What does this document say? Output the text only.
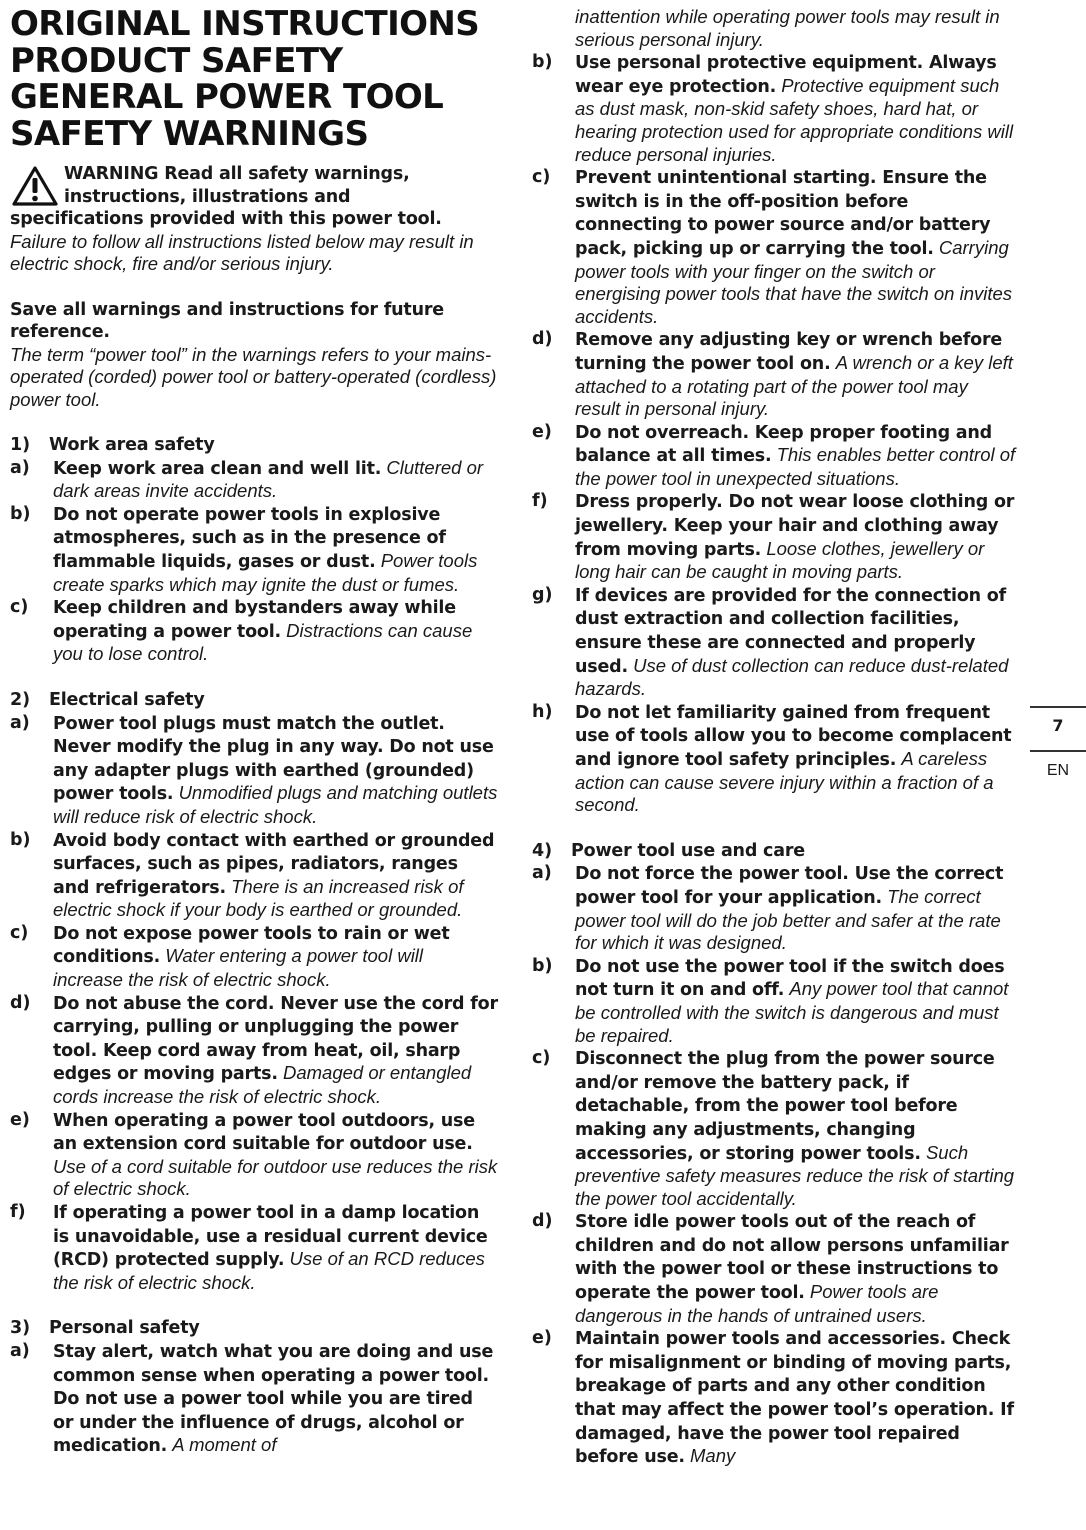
ORIGINAL INSTRUCTIONS
PRODUCT SAFETY
GENERAL POWER TOOL
SAFETY WARNINGS
WARNING Read all safety warnings,
instructions, illustrations and
specifications provided with this power tool.
Failure to follow all instructions listed below may result in electric shock, fire and/or serious injury.

Save all warnings and instructions for future reference.
The term “power tool” in the warnings refers to your mains-operated (corded) power tool or battery-operated (cordless) power tool.

1)	Work area safety
a)	Keep work area clean and well lit. Cluttered or dark areas invite accidents.
b)	Do not operate power tools in explosive atmospheres, such as in the presence of flammable liquids, gases or dust. Power tools create sparks which may ignite the dust or fumes.
c)	Keep children and bystanders away while operating a power tool. Distractions can cause you to lose control.
2)	Electrical safety
a)	Power tool plugs must match the outlet. Never modify the plug in any way. Do not use any adapter plugs with earthed (grounded) power tools. Unmodified plugs and matching outlets will reduce risk of electric shock.
b)	Avoid body contact with earthed or grounded surfaces, such as pipes, radiators, ranges and refrigerators. There is an increased risk of electric shock if your body is earthed or grounded.
c)	Do not expose power tools to rain or wet conditions. Water entering a power tool will increase the risk of electric shock.
d)	Do not abuse the cord. Never use the cord for carrying, pulling or unplugging the power tool. Keep cord away from heat, oil, sharp edges or moving parts. Damaged or entangled cords increase the risk of electric shock.
e)	When operating a power tool outdoors, use an extension cord suitable for outdoor use. Use of a cord suitable for outdoor use reduces the risk of electric shock.
f)	If operating a power tool in a damp location is unavoidable, use a residual current device (RCD) protected supply. Use of an RCD reduces the risk of electric shock.
3)	Personal safety
a)	Stay alert, watch what you are doing and use common sense when operating a power tool. Do not use a power tool while you are tired or under the influence of drugs, alcohol or medication. A moment of
inattention while operating power tools may result in serious personal injury.
b)	Use personal protective equipment. Always wear eye protection. Protective equipment such as dust mask, non-skid safety shoes, hard hat, or hearing protection used for appropriate conditions will reduce personal injuries.
c)	Prevent unintentional starting. Ensure the switch is in the off-position before connecting to power source and/or battery pack, picking up or carrying the tool. Carrying power tools with your finger on the switch or energising power tools that have the switch on invites accidents.
d)	Remove any adjusting key or wrench before turning the power tool on. A wrench or a key left attached to a rotating part of the power tool may result in personal injury.
e)	Do not overreach. Keep proper footing and balance at all times. This enables better control of the power tool in unexpected situations.
f)	Dress properly. Do not wear loose clothing or jewellery. Keep your hair and clothing away from moving parts. Loose clothes, jewellery or long hair can be caught in moving parts.
g)	If devices are provided for the connection of dust extraction and collection facilities, ensure these are connected and properly used. Use of dust collection can reduce dust-related hazards.
h)	Do not let familiarity gained from frequent use of tools allow you to become complacent and ignore tool safety principles. A careless action can cause severe injury within a fraction of a second.
4)	Power tool use and care
a)	Do not force the power tool. Use the correct power tool for your application. The correct power tool will do the job better and safer at the rate for which it was designed.
b)	Do not use the power tool if the switch does not turn it on and off. Any power tool that cannot be controlled with the switch is dangerous and must be repaired.
c)	Disconnect the plug from the power source and/or remove the battery pack, if detachable, from the power tool before making any adjustments, changing accessories, or storing power tools. Such preventive safety measures reduce the risk of starting the power tool accidentally.
d)	Store idle power tools out of the reach of children and do not allow persons unfamiliar with the power tool or these instructions to operate the power tool. Power tools are dangerous in the hands of untrained users.
e)	Maintain power tools and accessories. Check for misalignment or binding of moving parts, breakage of parts and any other condition that may affect the power tool’s operation. If damaged, have the power tool repaired before use. Many
7
EN
